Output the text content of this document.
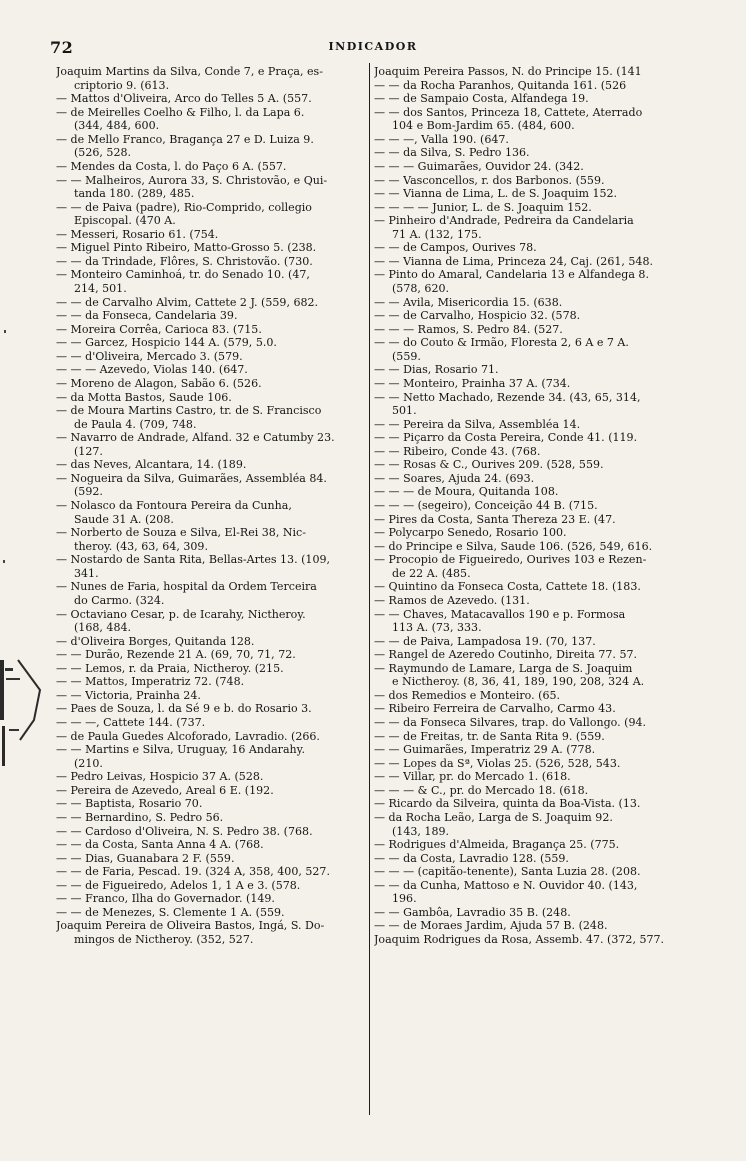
72	INDICADOR
Joaquim Martins da Silva, Conde 7, e Praça, es-
criptorio 9. (613.
— Mattos d'Oliveira, Arco do Telles 5 A. (557.
— de Meirelles Coelho & Filho, l. da Lapa 6.
(344, 484, 600.
— de Mello Franco, Bragança 27 e D. Luiza 9.
(526, 528.
— Mendes da Costa, l. do Paço 6 A. (557.
— — Malheiros, Aurora 33, S. Christovão, e Qui-
tanda 180. (289, 485.
— — de Paiva (padre), Rio-Comprido, collegio
Episcopal. (470 A.
— Messeri, Rosario 61. (754.
— Miguel Pinto Ribeiro, Matto-Grosso 5. (238.
— — da Trindade, Flôres, S. Christovão. (730.
— Monteiro Caminhoá, tr. do Senado 10. (47,
214, 501.
— — de Carvalho Alvim, Cattete 2 J. (559, 682.
— — da Fonseca, Candelaria 39.
— Moreira Corrêa, Carioca 83. (715.
— — Garcez, Hospicio 144 A. (579, 5.0.
— — d'Oliveira, Mercado 3. (579.
— — — Azevedo, Violas 140. (647.
— Moreno de Alagon, Sabão 6. (526.
— da Motta Bastos, Saude 106.
— de Moura Martins Castro, tr. de S. Francisco
de Paula 4. (709, 748.
— Navarro de Andrade, Alfand. 32 e Catumby 23.
(127.
— das Neves, Alcantara, 14. (189.
— Nogueira da Silva, Guimarães, Assembléa 84.
(592.
— Nolasco da Fontoura Pereira da Cunha,
Saude 31 A. (208.
— Norberto de Souza e Silva, El-Rei 38, Nic-
theroy. (43, 63, 64, 309.
— Nostardo de Santa Rita, Bellas-Artes 13. (109,
341.
— Nunes de Faria, hospital da Ordem Terceira
do Carmo. (324.
— Octaviano Cesar, p. de Icarahy, Nictheroy.
(168, 484.
— d'Oliveira Borges, Quitanda 128.
— — Durão, Rezende 21 A. (69, 70, 71, 72.
— — Lemos, r. da Praia, Nictheroy. (215.
— — Mattos, Imperatriz 72. (748.
— — Victoria, Prainha 24.
— Paes de Souza, l. da Sé 9 e b. do Rosario 3.
— — —, Cattete 144. (737.
— de Paula Guedes Alcoforado, Lavradio. (266.
— — Martins e Silva, Uruguay, 16 Andarahy.
(210.
— Pedro Leivas, Hospicio 37 A. (528.
— Pereira de Azevedo, Areal 6 E. (192.
— — Baptista, Rosario 70.
— — Bernardino, S. Pedro 56.
— — Cardoso d'Oliveira, N. S. Pedro 38. (768.
— — da Costa, Santa Anna 4 A. (768.
— — Dias, Guanabara 2 F. (559.
— — de Faria, Pescad. 19. (324 A, 358, 400, 527.
— — de Figueiredo, Adelos 1, 1 A e 3. (578.
— — Franco, Ilha do Governador. (149.
— — de Menezes, S. Clemente 1 A. (559.
Joaquim Pereira de Oliveira Bastos, Ingá, S. Do-
mingos de Nictheroy. (352, 527.
Joaquim Pereira Passos, N. do Principe 15. (141
— — da Rocha Paranhos, Quitanda 161. (526
— — de Sampaio Costa, Alfandega 19.
— — dos Santos, Princeza 18, Cattete, Aterrado
104 e Bom-Jardim 65. (484, 600.
— — —, Valla 190. (647.
— — da Silva, S. Pedro 136.
— — — Guimarães, Ouvidor 24. (342.
— — Vasconcellos, r. dos Barbonos. (559.
— — Vianna de Lima, L. de S. Joaquim 152.
— — — — Junior, L. de S. Joaquim 152.
— Pinheiro d'Andrade, Pedreira da Candelaria
71 A. (132, 175.
— — de Campos, Ourives 78.
— — Vianna de Lima, Princeza 24, Caj. (261, 548.
— Pinto do Amaral, Candelaria 13 e Alfandega 8.
(578, 620.
— — Avila, Misericordia 15. (638.
— — de Carvalho, Hospicio 32. (578.
— — — Ramos, S. Pedro 84. (527.
— — do Couto & Irmão, Floresta 2, 6 A e 7 A.
(559.
— — Dias, Rosario 71.
— — Monteiro, Prainha 37 A. (734.
— — Netto Machado, Rezende 34. (43, 65, 314,
501.
— — Pereira da Silva, Assembléa 14.
— — Piçarro da Costa Pereira, Conde 41. (119.
— — Ribeiro, Conde 43. (768.
— — Rosas & C., Ourives 209. (528, 559.
— — Soares, Ajuda 24. (693.
— — — de Moura, Quitanda 108.
— — — (segeiro), Conceição 44 B. (715.
— Pires da Costa, Santa Thereza 23 E. (47.
— Polycarpo Senedo, Rosario 100.
— do Principe e Silva, Saude 106. (526, 549, 616.
— Procopio de Figueiredo, Ourives 103 e Rezen-
de 22 A. (485.
— Quintino da Fonseca Costa, Cattete 18. (183.
— Ramos de Azevedo. (131.
— — Chaves, Matacavallos 190 e p. Formosa
113 A. (73, 333.
— — de Paiva, Lampadosa 19. (70, 137.
— Rangel de Azeredo Coutinho, Direita 77. 57.
— Raymundo de Lamare, Larga de S. Joaquim
e Nictheroy. (8, 36, 41, 189, 190, 208, 324 A.
— dos Remedios e Monteiro. (65.
— Ribeiro Ferreira de Carvalho, Carmo 43.
— — da Fonseca Silvares, trap. do Vallongo. (94.
— — de Freitas, tr. de Santa Rita 9. (559.
— — Guimarães, Imperatriz 29 A. (778.
— — Lopes da Sª, Violas 25. (526, 528, 543.
— — Villar, pr. do Mercado 1. (618.
— — — & C., pr. do Mercado 18. (618.
— Ricardo da Silveira, quinta da Boa-Vista. (13.
— da Rocha Leão, Larga de S. Joaquim 92.
(143, 189.
— Rodrigues d'Almeida, Bragança 25. (775.
— — da Costa, Lavradio 128. (559.
— — — (capitão-tenente), Santa Luzia 28. (208.
— — da Cunha, Mattoso e N. Ouvidor 40. (143,
196.
— — Gambôa, Lavradio 35 B. (248.
— — de Moraes Jardim, Ajuda 57 B. (248.
Joaquim Rodrigues da Rosa, Assemb. 47. (372, 577.
